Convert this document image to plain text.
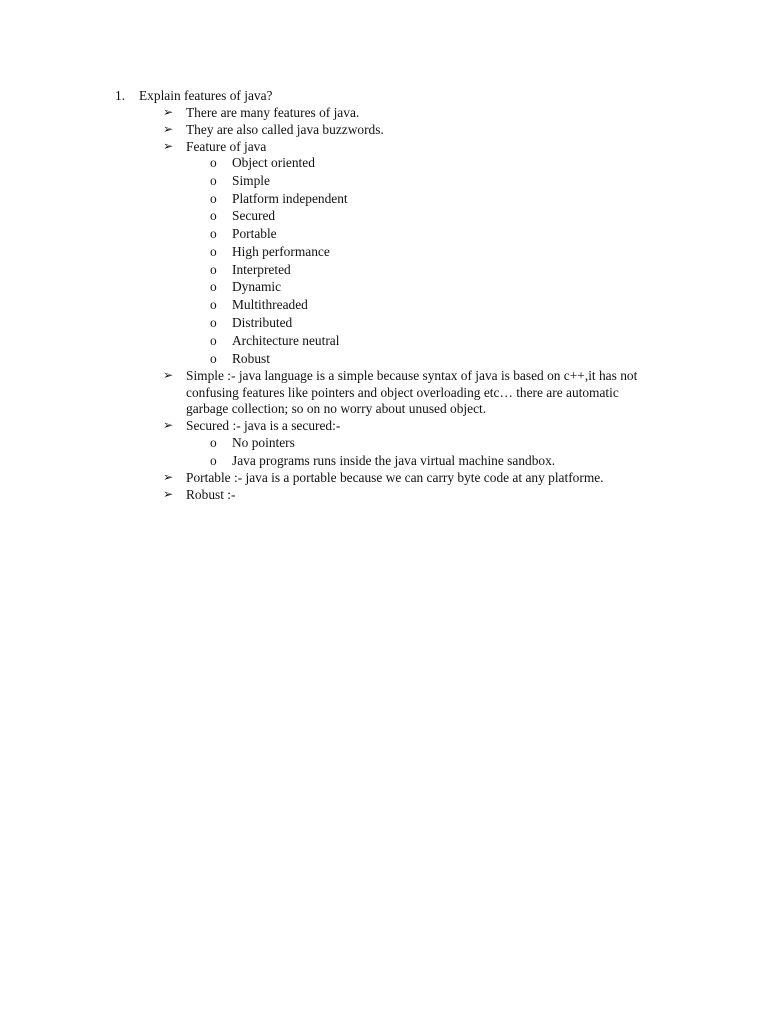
1. Explain features of java?
➢ There are many features of java.
➢ They are also called java buzzwords.
➢ Feature of java
o Object oriented
o Simple
o Platform independent
o Secured
o Portable
o High performance
o Interpreted
o Dynamic
o Multithreaded
o Distributed
o Architecture neutral
o Robust
➢ Simple :- java language is a simple because syntax of java is based on c++,it has not
confusing features like pointers and object overloading etc… there are automatic
garbage collection; so on no worry about unused object.
➢ Secured :- java is a secured:-
o No pointers
o Java programs runs inside the java virtual machine sandbox.
➢ Portable :- java is a portable because we can carry byte code at any platforme.
➢ Robust :-
